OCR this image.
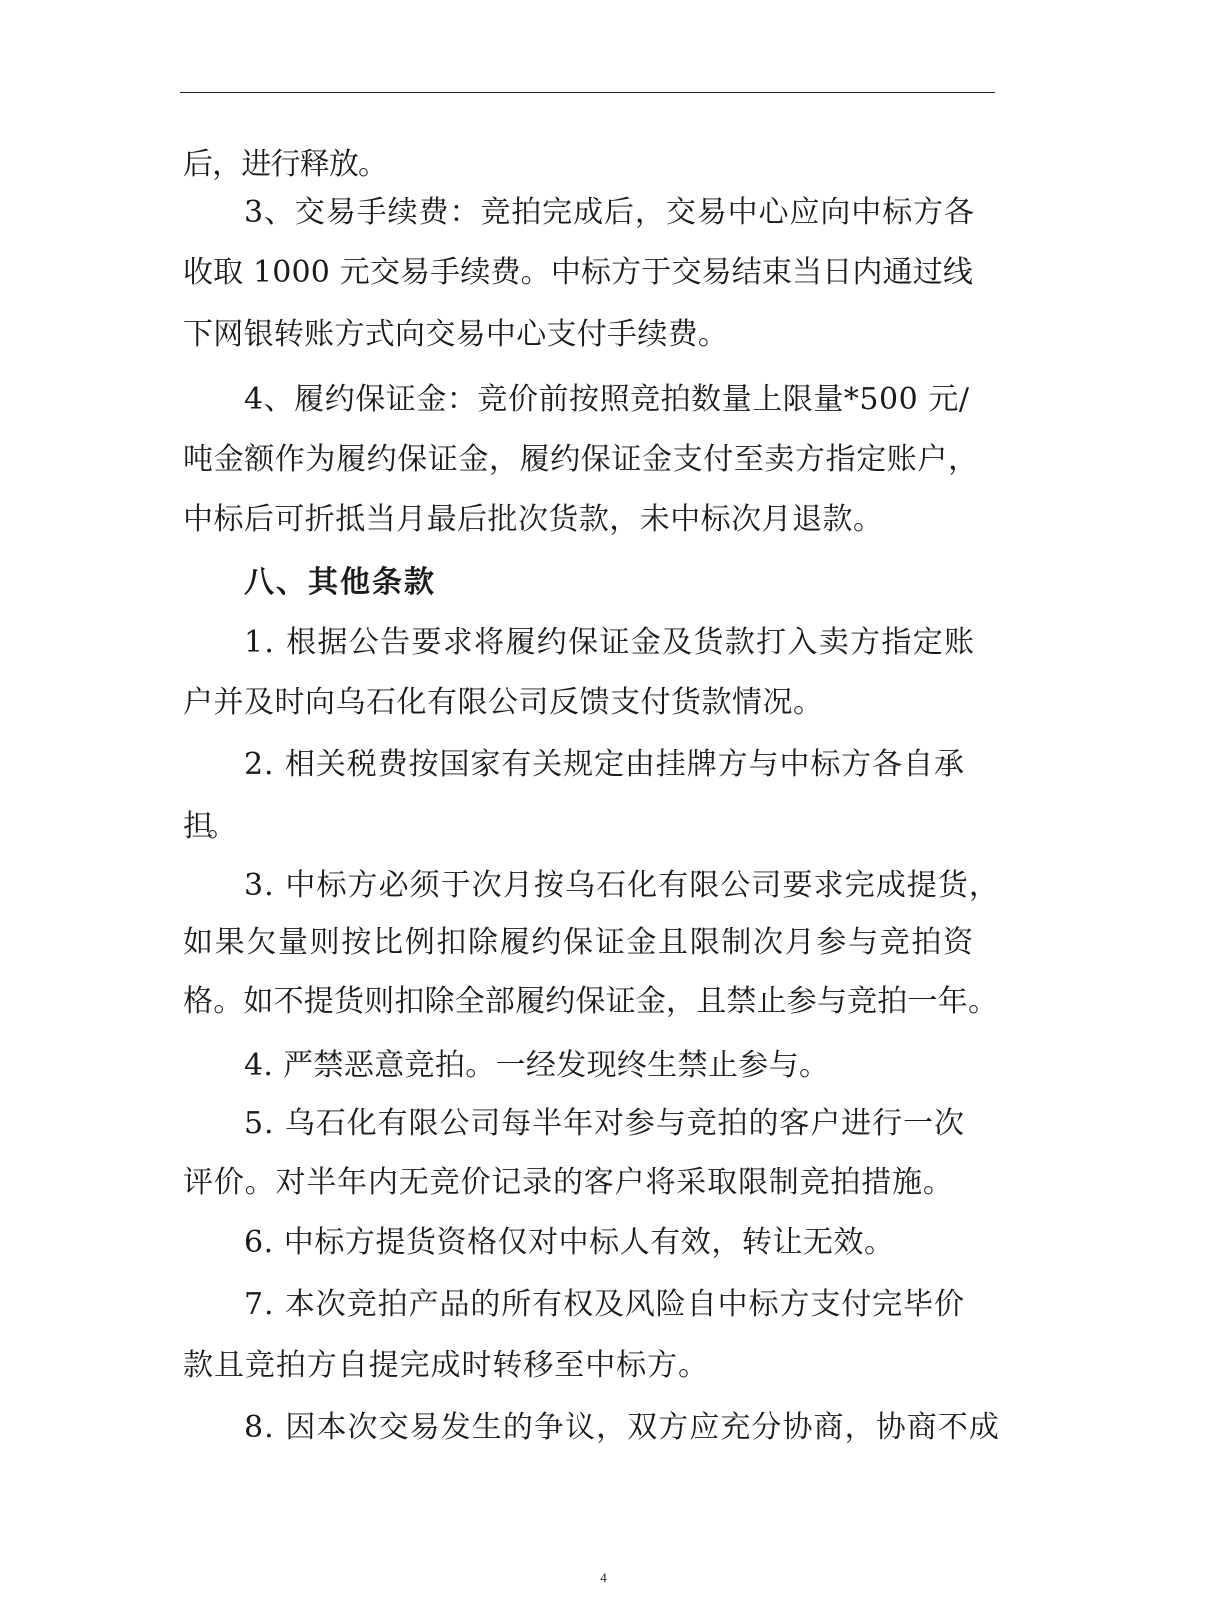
后，进行释放。
3、交易手续费：竞拍完成后，交易中心应向中标方各
收取 1000 元交易手续费。中标方于交易结束当日内通过线
下网银转账方式向交易中心支付手续费。
4、履约保证金：竞价前按照竞拍数量上限量*500 元/
吨金额作为履约保证金，履约保证金支付至卖方指定账户，
中标后可折抵当月最后批次货款，未中标次月退款。
八、其他条款
1. 根据公告要求将履约保证金及货款打入卖方指定账
户并及时向乌石化有限公司反馈支付货款情况。
2. 相关税费按国家有关规定由挂牌方与中标方各自承
担。
3. 中标方必须于次月按乌石化有限公司要求完成提货，
如果欠量则按比例扣除履约保证金且限制次月参与竞拍资
格。如不提货则扣除全部履约保证金，且禁止参与竞拍一年。
4. 严禁恶意竞拍。一经发现终生禁止参与。
5. 乌石化有限公司每半年对参与竞拍的客户进行一次
评价。对半年内无竞价记录的客户将采取限制竞拍措施。
6. 中标方提货资格仅对中标人有效，转让无效。
7. 本次竞拍产品的所有权及风险自中标方支付完毕价
款且竞拍方自提完成时转移至中标方。
8. 因本次交易发生的争议，双方应充分协商，协商不成
4
